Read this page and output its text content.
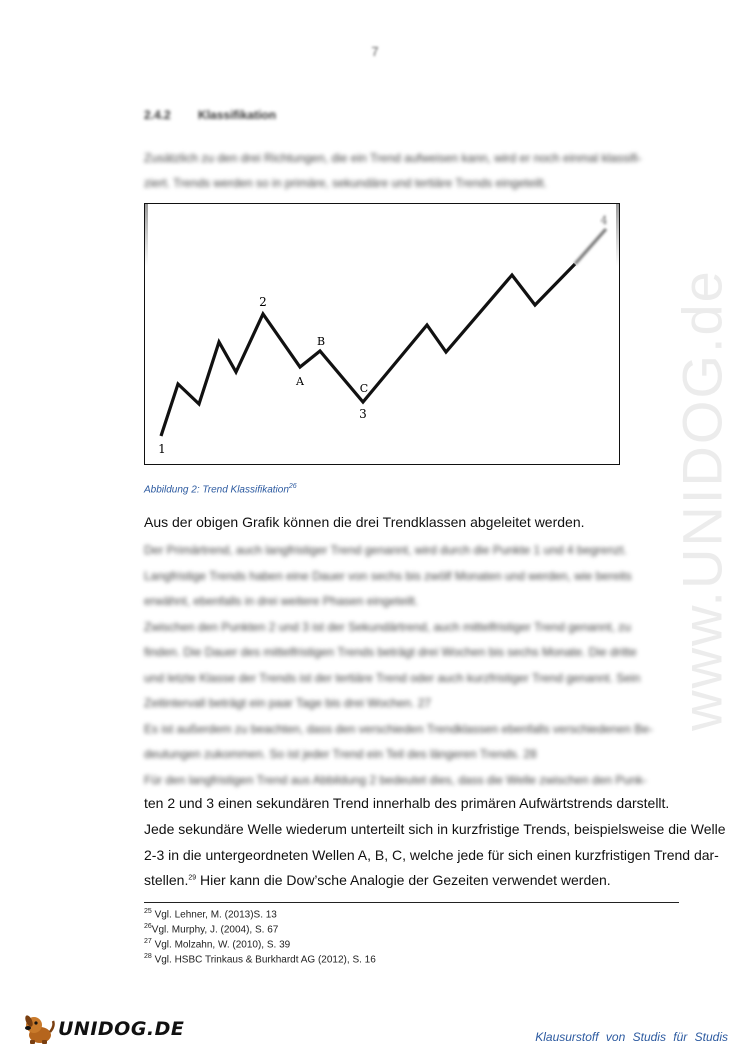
www.UNIDOG.de
7
2.4.2 Klassifikation
Zusätzlich zu den drei Richtungen, die ein Trend aufweisen kann, wird er noch einmal klassifi-
ziert. Trends werden so in primäre, sekundäre und tertiäre Trends eingeteilt.
1
2
A
B
C
3
4
Abbildung 2: Trend Klassifikation$^{26}$
Aus der obigen Grafik können die drei Trendklassen abgeleitet werden.
Der Primärtrend, auch langfristiger Trend genannt, wird durch die Punkte 1 und 4 begrenzt.
Langfristige Trends haben eine Dauer von sechs bis zwölf Monaten und werden, wie bereits
erwähnt, ebenfalls in drei weitere Phasen eingeteilt.
Zwischen den Punkten 2 und 3 ist der Sekundärtrend, auch mittelfristiger Trend genannt, zu
finden. Die Dauer des mittelfristigen Trends beträgt drei Wochen bis sechs Monate. Die dritte
und letzte Klasse der Trends ist der tertiäre Trend oder auch kurzfristiger Trend genannt. Sein
Zeitintervall beträgt ein paar Tage bis drei Wochen. 27
Es ist außerdem zu beachten, dass den verschieden Trendklassen ebenfalls verschiedenen Be-
deutungen zukommen. So ist jeder Trend ein Teil des längeren Trends. 28
Für den langfristigen Trend aus Abbildung 2 bedeutet dies, dass die Welle zwischen den Punk-
ten 2 und 3 einen sekundären Trend innerhalb des primären Aufwärtstrends darstellt.
Jede sekundäre Welle wiederum unterteilt sich in kurzfristige Trends, beispielsweise die Welle
2-3 in die untergeordneten Wellen A, B, C, welche jede für sich einen kurzfristigen Trend dar-
stellen.$^{29}$ Hier kann die Dow’sche Analogie der Gezeiten verwendet werden.
$^{25}$ Vgl. Lehner, M. (2013)S. 13
$^{26}$Vgl. Murphy, J. (2004), S. 67
$^{27}$ Vgl. Molzahn, W. (2010), S. 39
$^{28}$ Vgl. HSBC Trinkaus & Burkhardt AG (2012), S. 16
UNIDOG.DE	Klausurstoff von Studis für Studis
